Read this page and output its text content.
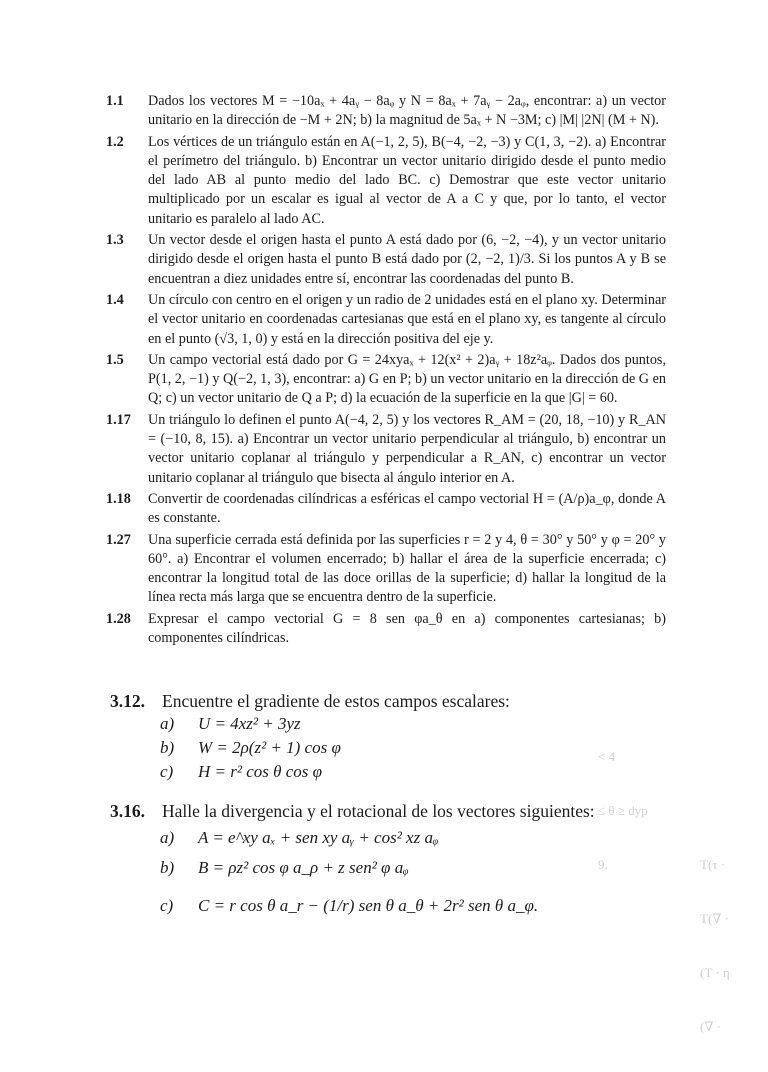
< 4

≤ θ ≥ dyp

9.

	T(τ ·

T(∇ ·

(T · η

(∇ ·

1.1	Dados los vectores M = −10aₓ + 4aᵧ − 8aᵩ y N = 8aₓ + 7aᵧ − 2aᵩ, encontrar: a) un vector unitario en la dirección de −M + 2N; b) la magnitud de 5aₓ + N −3M; c) |M| |2N| (M + N).
1.2	Los vértices de un triángulo están en A(−1, 2, 5), B(−4, −2, −3) y C(1, 3, −2). a) Encontrar el perímetro del triángulo. b) Encontrar un vector unitario dirigido desde el punto medio del lado AB al punto medio del lado BC. c) Demostrar que este vector unitario multiplicado por un escalar es igual al vector de A a C y que, por lo tanto, el vector unitario es paralelo al lado AC.
1.3	Un vector desde el origen hasta el punto A está dado por (6, −2, −4), y un vector unitario dirigido desde el origen hasta el punto B está dado por (2, −2, 1)/3. Si los puntos A y B se encuentran a diez unidades entre sí, encontrar las coordenadas del punto B.
1.4	Un círculo con centro en el origen y un radio de 2 unidades está en el plano xy. Determinar el vector unitario en coordenadas cartesianas que está en el plano xy, es tangente al círculo en el punto (√3, 1, 0) y está en la dirección positiva del eje y.
1.5	Un campo vectorial está dado por G = 24xyaₓ + 12(x² + 2)aᵧ + 18z²aᵩ. Dados dos puntos, P(1, 2, −1) y Q(−2, 1, 3), encontrar: a) G en P; b) un vector unitario en la dirección de G en Q; c) un vector unitario de Q a P; d) la ecuación de la superficie en la que |G| = 60.
1.17	Un triángulo lo definen el punto A(−4, 2, 5) y los vectores R_AM = (20, 18, −10) y R_AN = (−10, 8, 15). a) Encontrar un vector unitario perpendicular al triángulo, b) encontrar un vector unitario coplanar al triángulo y perpendicular a R_AN, c) encontrar un vector unitario coplanar al triángulo que bisecta al ángulo interior en A.
1.18	Convertir de coordenadas cilíndricas a esféricas el campo vectorial H = (A/ρ)a_φ, donde A es constante.
1.27	Una superficie cerrada está definida por las superficies r = 2 y 4, θ = 30° y 50° y φ = 20° y 60°. a) Encontrar el volumen encerrado; b) hallar el área de la superficie encerrada; c) encontrar la longitud total de las doce orillas de la superficie; d) hallar la longitud de la línea recta más larga que se encuentra dentro de la superficie.
1.28	Expresar el campo vectorial G = 8 sen φa_θ en a) componentes cartesianas; b) componentes cilíndricas.
3.12. Encuentre el gradiente de estos campos escalares:
a)	U = 4xz² + 3yz
b)	W = 2ρ(z² + 1) cos φ
c)	H = r² cos θ cos φ
3.16. Halle la divergencia y el rotacional de los vectores siguientes:
a)	A = e^xy aₓ + sen xy aᵧ + cos² xz aᵩ
b)	B = ρz² cos φ a_ρ + z sen² φ aᵩ
c)	C = r cos θ a_r − (1/r) sen θ a_θ + 2r² sen θ a_φ.
